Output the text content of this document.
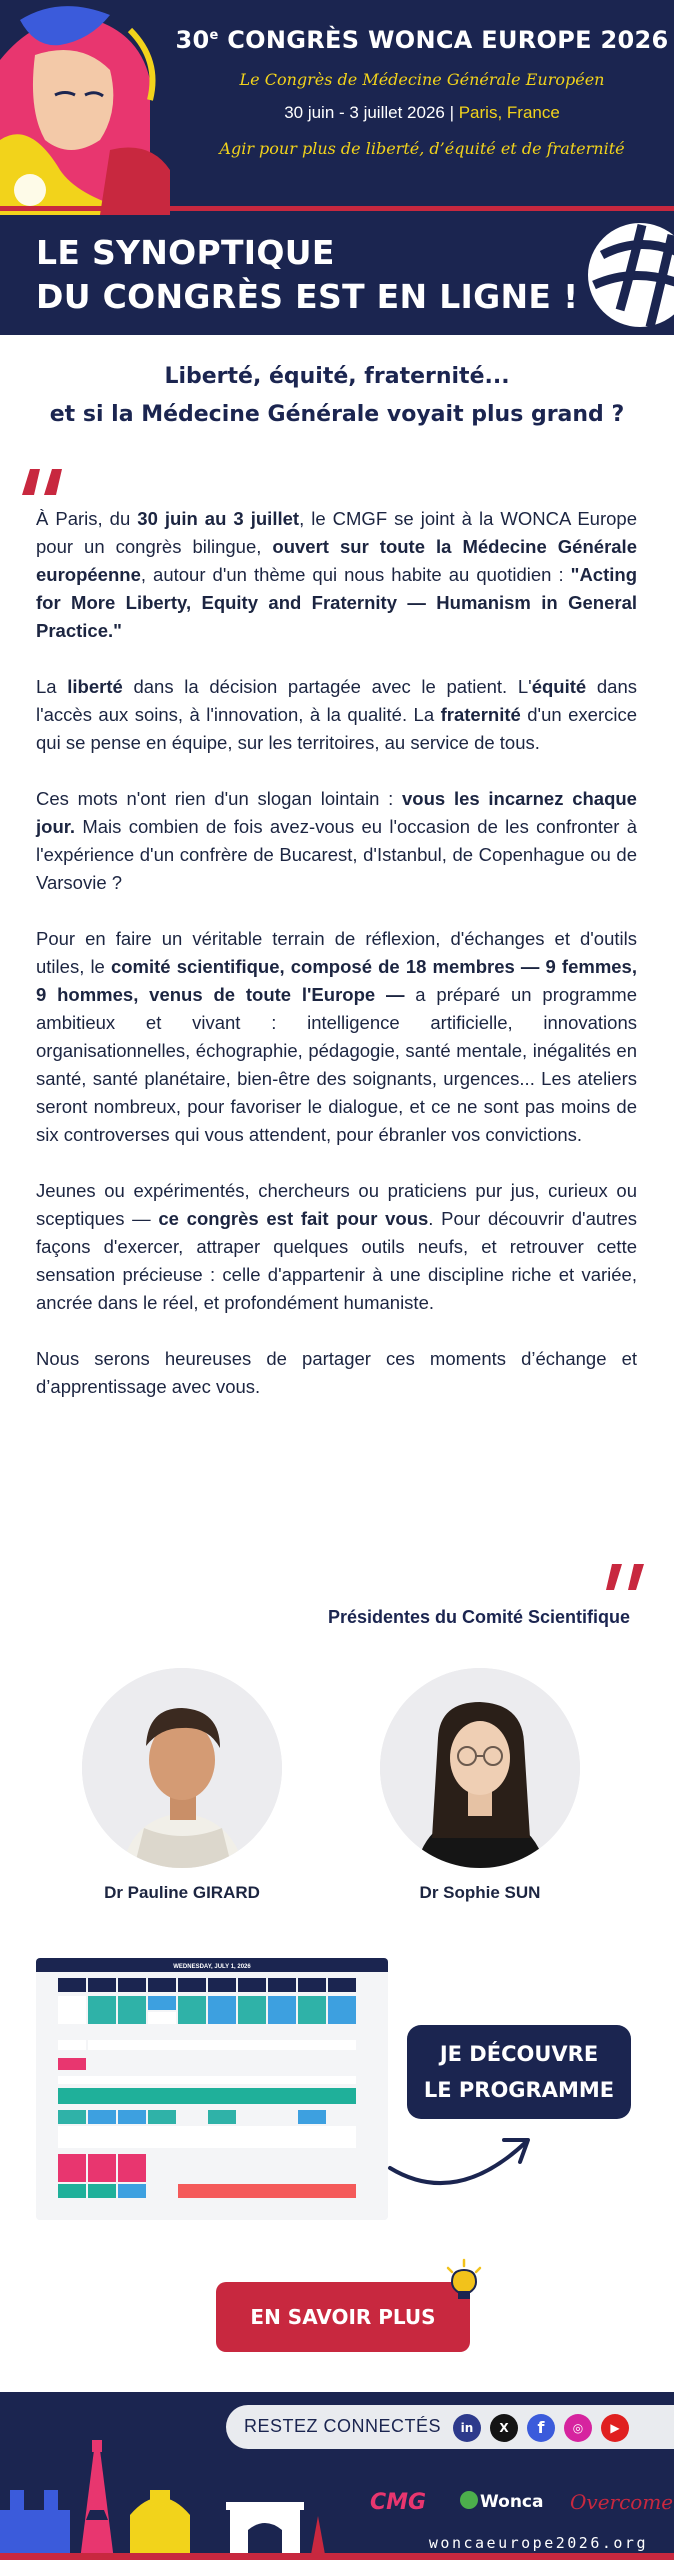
30e CONGRÈS WONCA EUROPE 2026
Le Congrès de Médecine Générale Européen
30 juin - 3 juillet 2026 | Paris, France
Agir pour plus de liberté, d’équité et de fraternité
LE SYNOPTIQUE
DU CONGRÈS EST EN LIGNE !
Liberté, équité, fraternité...
et si la Médecine Générale voyait plus grand ?

À Paris, du 30 juin au 3 juillet, le CMGF se joint à la WONCA Europe pour un congrès bilingue, ouvert sur toute la Médecine Générale européenne, autour d'un thème qui nous habite au quotidien : "Acting for More Liberty, Equity and Fraternity — Humanism in General Practice."

La liberté dans la décision partagée avec le patient. L'équité dans l'accès aux soins, à l'innovation, à la qualité. La fraternité d'un exercice qui se pense en équipe, sur les territoires, au service de tous.

Ces mots n'ont rien d'un slogan lointain : vous les incarnez chaque jour. Mais combien de fois avez-vous eu l'occasion de les confronter à l'expérience d'un confrère de Bucarest, d'Istanbul, de Copenhague ou de Varsovie ?

Pour en faire un véritable terrain de réflexion, d'échanges et d'outils utiles, le comité scientifique, composé de 18 membres — 9 femmes, 9 hommes, venus de toute l'Europe — a préparé un programme ambitieux et vivant : intelligence artificielle, innovations organisationnelles, échographie, pédagogie, santé mentale, inégalités en santé, santé planétaire, bien-être des soignants, urgences... Les ateliers seront nombreux, pour favoriser le dialogue, et ce ne sont pas moins de six controverses qui vous attendent, pour ébranler vos convictions.

Jeunes ou expérimentés, chercheurs ou praticiens pur jus, curieux ou sceptiques — ce congrès est fait pour vous. Pour découvrir d'autres façons d'exercer, attraper quelques outils neufs, et retrouver cette sensation précieuse : celle d'appartenir à une discipline riche et variée, ancrée dans le réel, et profondément humaniste.

Nous serons heureuses de partager ces moments d’échange et d’apprentissage avec vous.

Présidentes du Comité Scientifique
Dr Pauline GIRARD	Dr Sophie SUN
WEDNESDAY, JULY 1, 2026
JE DÉCOUVRE
LE PROGRAMME
EN SAVOIR PLUS
RESTEZ CONNECTÉS	in	X	f	◎	▶
CMG	Wonca Overcome
woncaeurope2026.org
